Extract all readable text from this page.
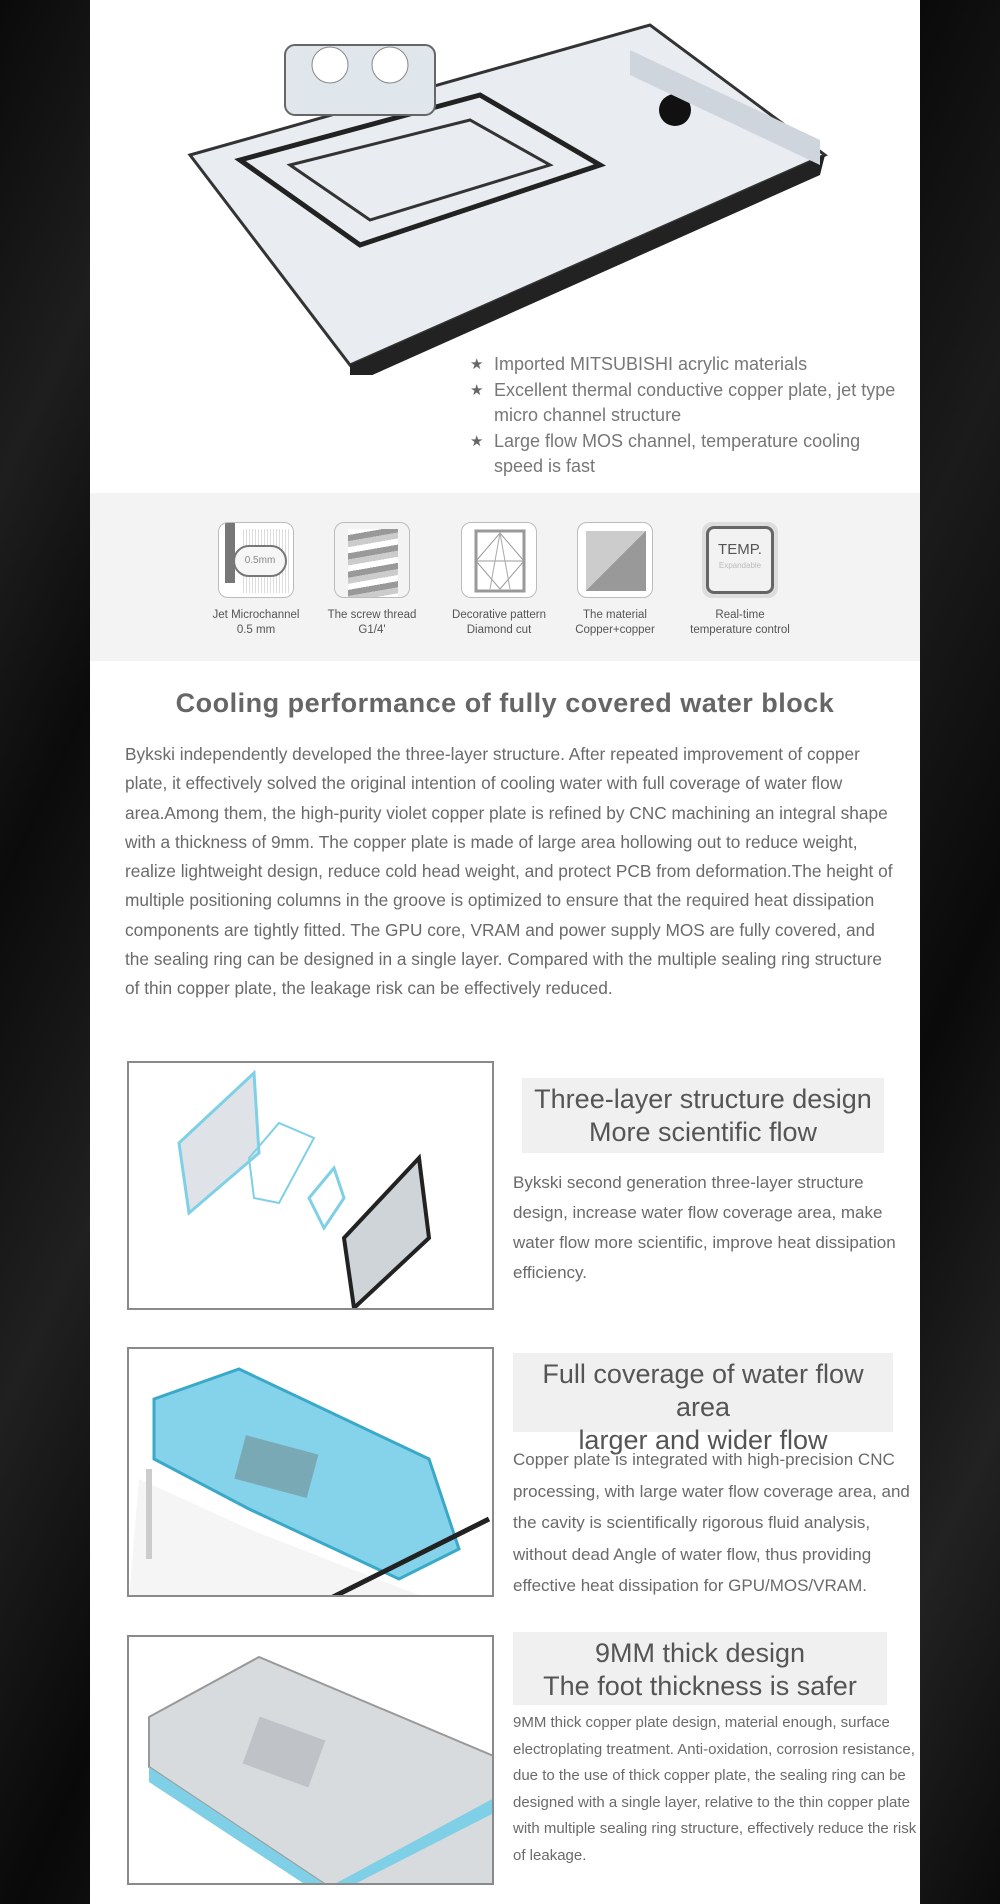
★ Imported MITSUBISHI acrylic materials
★ Excellent thermal conductive copper plate, jet type micro channel structure
★ Large flow MOS channel, temperature cooling speed is fast
0.5mm
Jet Microchannel
0.5 mm
The screw thread
G1/4'
Decorative pattern
Diamond cut
The material
Copper+copper
TEMP.
Expandable
Real-time
temperature control
Cooling performance of fully covered water block
Bykski independently developed the three-layer structure. After repeated improvement of copper plate, it effectively solved the original intention of cooling water with full coverage of water flow area.Among them, the high-purity violet copper plate is refined by CNC machining an integral shape with a thickness of 9mm. The copper plate is made of large area hollowing out to reduce weight, realize lightweight design, reduce cold head weight, and protect PCB from deformation.The height of multiple positioning columns in the groove is optimized to ensure that the required heat dissipation components are tightly fitted. The GPU core, VRAM and power supply MOS are fully covered, and the sealing ring can be designed in a single layer. Compared with the multiple sealing ring structure of thin copper plate, the leakage risk can be effectively reduced.
Three-layer structure design
More scientific flow
Bykski second generation three-layer structure design, increase water flow coverage area, make water flow more scientific, improve heat dissipation efficiency.
Full coverage of water flow area
larger and wider flow
Copper plate is integrated with high-precision CNC processing, with large water flow coverage area, and the cavity is scientifically rigorous fluid analysis, without dead Angle of water flow, thus providing effective heat dissipation for GPU/MOS/VRAM.
9MM thick design
The foot thickness is safer
9MM thick copper plate design, material enough, surface electroplating treatment. Anti-oxidation, corrosion resistance, due to the use of thick copper plate, the sealing ring can be designed with a single layer, relative to the thin copper plate with multiple sealing ring structure, effectively reduce the risk of leakage.
